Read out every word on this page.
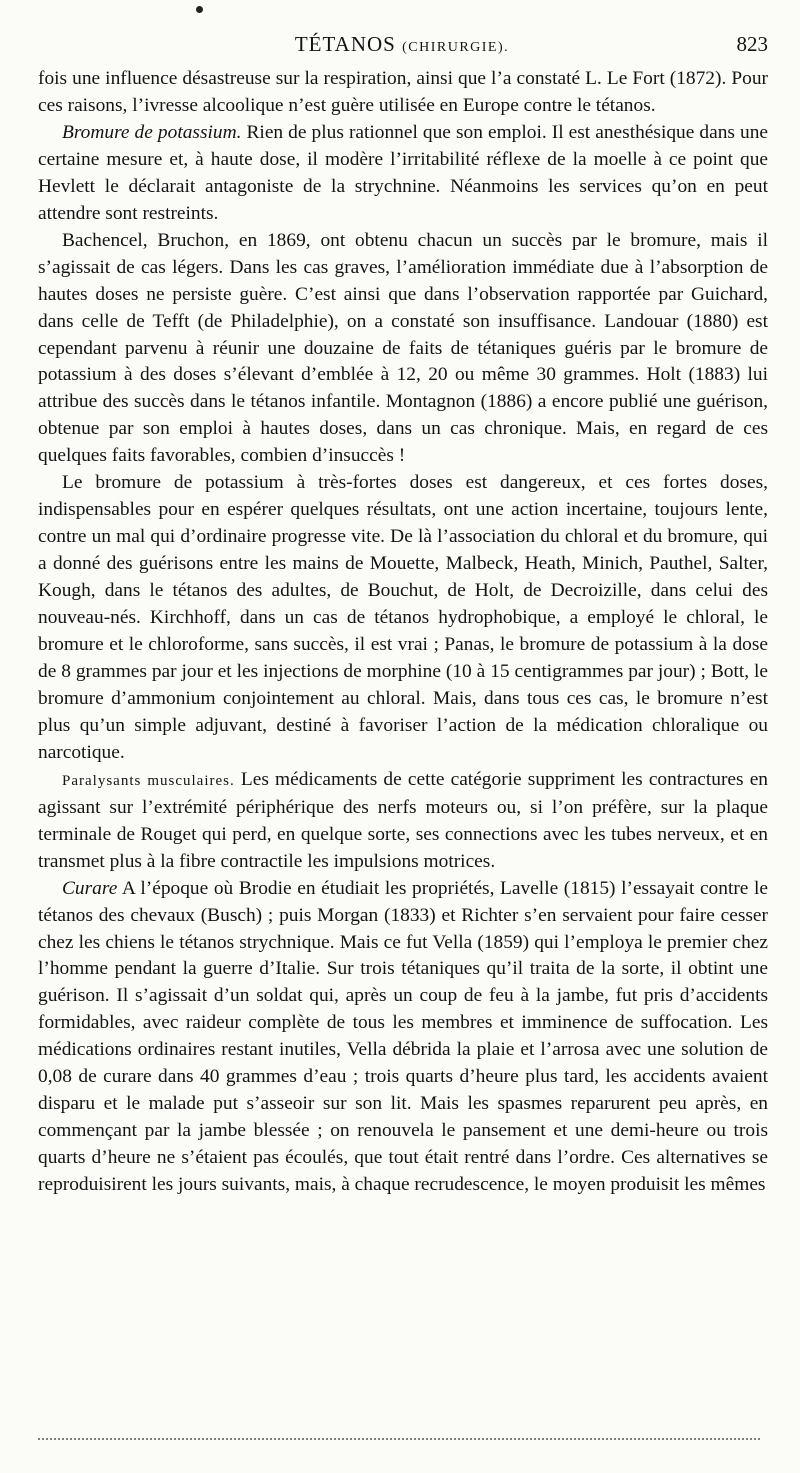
TÉTANOS (CHIRURGIE).	823

fois une influence désastreuse sur la respiration, ainsi que l’a constaté L. Le Fort (1872). Pour ces raisons, l’ivresse alcoolique n’est guère utilisée en Europe contre le tétanos.

Bromure de potassium. Rien de plus rationnel que son emploi. Il est anesthésique dans une certaine mesure et, à haute dose, il modère l’irritabilité réflexe de la moelle à ce point que Hevlett le déclarait antagoniste de la strychnine. Néanmoins les services qu’on en peut attendre sont restreints.

Bachencel, Bruchon, en 1869, ont obtenu chacun un succès par le bromure, mais il s’agissait de cas légers. Dans les cas graves, l’amélioration immédiate due à l’absorption de hautes doses ne persiste guère. C’est ainsi que dans l’observation rapportée par Guichard, dans celle de Tefft (de Philadelphie), on a constaté son insuffisance. Landouar (1880) est cependant parvenu à réunir une douzaine de faits de tétaniques guéris par le bromure de potassium à des doses s’élevant d’emblée à 12, 20 ou même 30 grammes. Holt (1883) lui attribue des succès dans le tétanos infantile. Montagnon (1886) a encore publié une guérison, obtenue par son emploi à hautes doses, dans un cas chronique. Mais, en regard de ces quelques faits favorables, combien d’insuccès !

Le bromure de potassium à très-fortes doses est dangereux, et ces fortes doses, indispensables pour en espérer quelques résultats, ont une action incertaine, toujours lente, contre un mal qui d’ordinaire progresse vite. De là l’association du chloral et du bromure, qui a donné des guérisons entre les mains de Mouette, Malbeck, Heath, Minich, Pauthel, Salter, Kough, dans le tétanos des adultes, de Bouchut, de Holt, de Decroizille, dans celui des nouveau-nés. Kirchhoff, dans un cas de tétanos hydrophobique, a employé le chloral, le bromure et le chloroforme, sans succès, il est vrai ; Panas, le bromure de potassium à la dose de 8 grammes par jour et les injections de morphine (10 à 15 centigrammes par jour) ; Bott, le bromure d’ammonium conjointement au chloral. Mais, dans tous ces cas, le bromure n’est plus qu’un simple adjuvant, destiné à favoriser l’action de la médication chloralique ou narcotique.

Paralysants musculaires. Les médicaments de cette catégorie suppriment les contractures en agissant sur l’extrémité périphérique des nerfs moteurs ou, si l’on préfère, sur la plaque terminale de Rouget qui perd, en quelque sorte, ses connections avec les tubes nerveux, et en transmet plus à la fibre contractile les impulsions motrices.

Curare A l’époque où Brodie en étudiait les propriétés, Lavelle (1815) l’essayait contre le tétanos des chevaux (Busch) ; puis Morgan (1833) et Richter s’en servaient pour faire cesser chez les chiens le tétanos strychnique. Mais ce fut Vella (1859) qui l’employa le premier chez l’homme pendant la guerre d’Italie. Sur trois tétaniques qu’il traita de la sorte, il obtint une guérison. Il s’agissait d’un soldat qui, après un coup de feu à la jambe, fut pris d’accidents formidables, avec raideur complète de tous les membres et imminence de suffocation. Les médications ordinaires restant inutiles, Vella débrida la plaie et l’arrosa avec une solution de 0,08 de curare dans 40 grammes d’eau ; trois quarts d’heure plus tard, les accidents avaient disparu et le malade put s’asseoir sur son lit. Mais les spasmes reparurent peu après, en commençant par la jambe blessée ; on renouvela le pansement et une demi-heure ou trois quarts d’heure ne s’étaient pas écoulés, que tout était rentré dans l’ordre. Ces alternatives se reproduisirent les jours suivants, mais, à chaque recrudescence, le moyen produisit les mêmes
